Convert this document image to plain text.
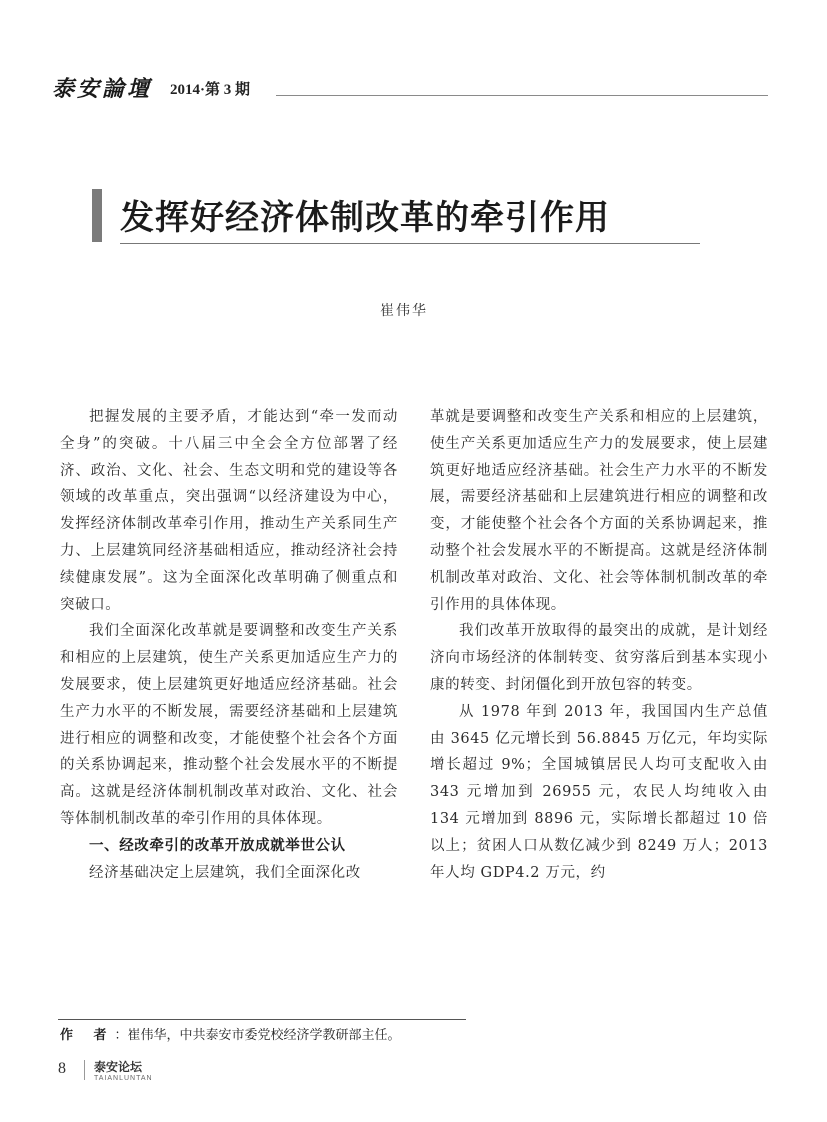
泰安論壇 2014·第 3 期
发挥好经济体制改革的牵引作用
崔伟华

把握发展的主要矛盾，才能达到“牵一发而动全身”的突破。十八届三中全会全方位部署了经济、政治、文化、社会、生态文明和党的建设等各领域的改革重点，突出强调“以经济建设为中心，发挥经济体制改革牵引作用，推动生产关系同生产力、上层建筑同经济基础相适应，推动经济社会持续健康发展”。这为全面深化改革明确了侧重点和突破口。

我们全面深化改革就是要调整和改变生产关系和相应的上层建筑，使生产关系更加适应生产力的发展要求，使上层建筑更好地适应经济基础。社会生产力水平的不断发展，需要经济基础和上层建筑进行相应的调整和改变，才能使整个社会各个方面的关系协调起来，推动整个社会发展水平的不断提高。这就是经济体制机制改革对政治、文化、社会等体制机制改革的牵引作用的具体体现。

一、经改牵引的改革开放成就举世公认

经济基础决定上层建筑，我们全面深化改

革就是要调整和改变生产关系和相应的上层建筑，使生产关系更加适应生产力的发展要求，使上层建筑更好地适应经济基础。社会生产力水平的不断发展，需要经济基础和上层建筑进行相应的调整和改变，才能使整个社会各个方面的关系协调起来，推动整个社会发展水平的不断提高。这就是经济体制机制改革对政治、文化、社会等体制机制改革的牵引作用的具体体现。

我们改革开放取得的最突出的成就，是计划经济向市场经济的体制转变、贫穷落后到基本实现小康的转变、封闭僵化到开放包容的转变。

从 1978 年到 2013 年，我国国内生产总值由 3645 亿元增长到 56.8845 万亿元，年均实际增长超过 9%；全国城镇居民人均可支配收入由 343 元增加到 26955 元，农民人均纯收入由 134 元增加到 8896 元，实际增长都超过 10 倍以上；贫困人口从数亿减少到 8249 万人；2013 年人均 GDP4.2 万元，约

作 者：崔伟华，中共泰安市委党校经济学教研部主任。
8 泰安论坛
TAIANLUNTAN
